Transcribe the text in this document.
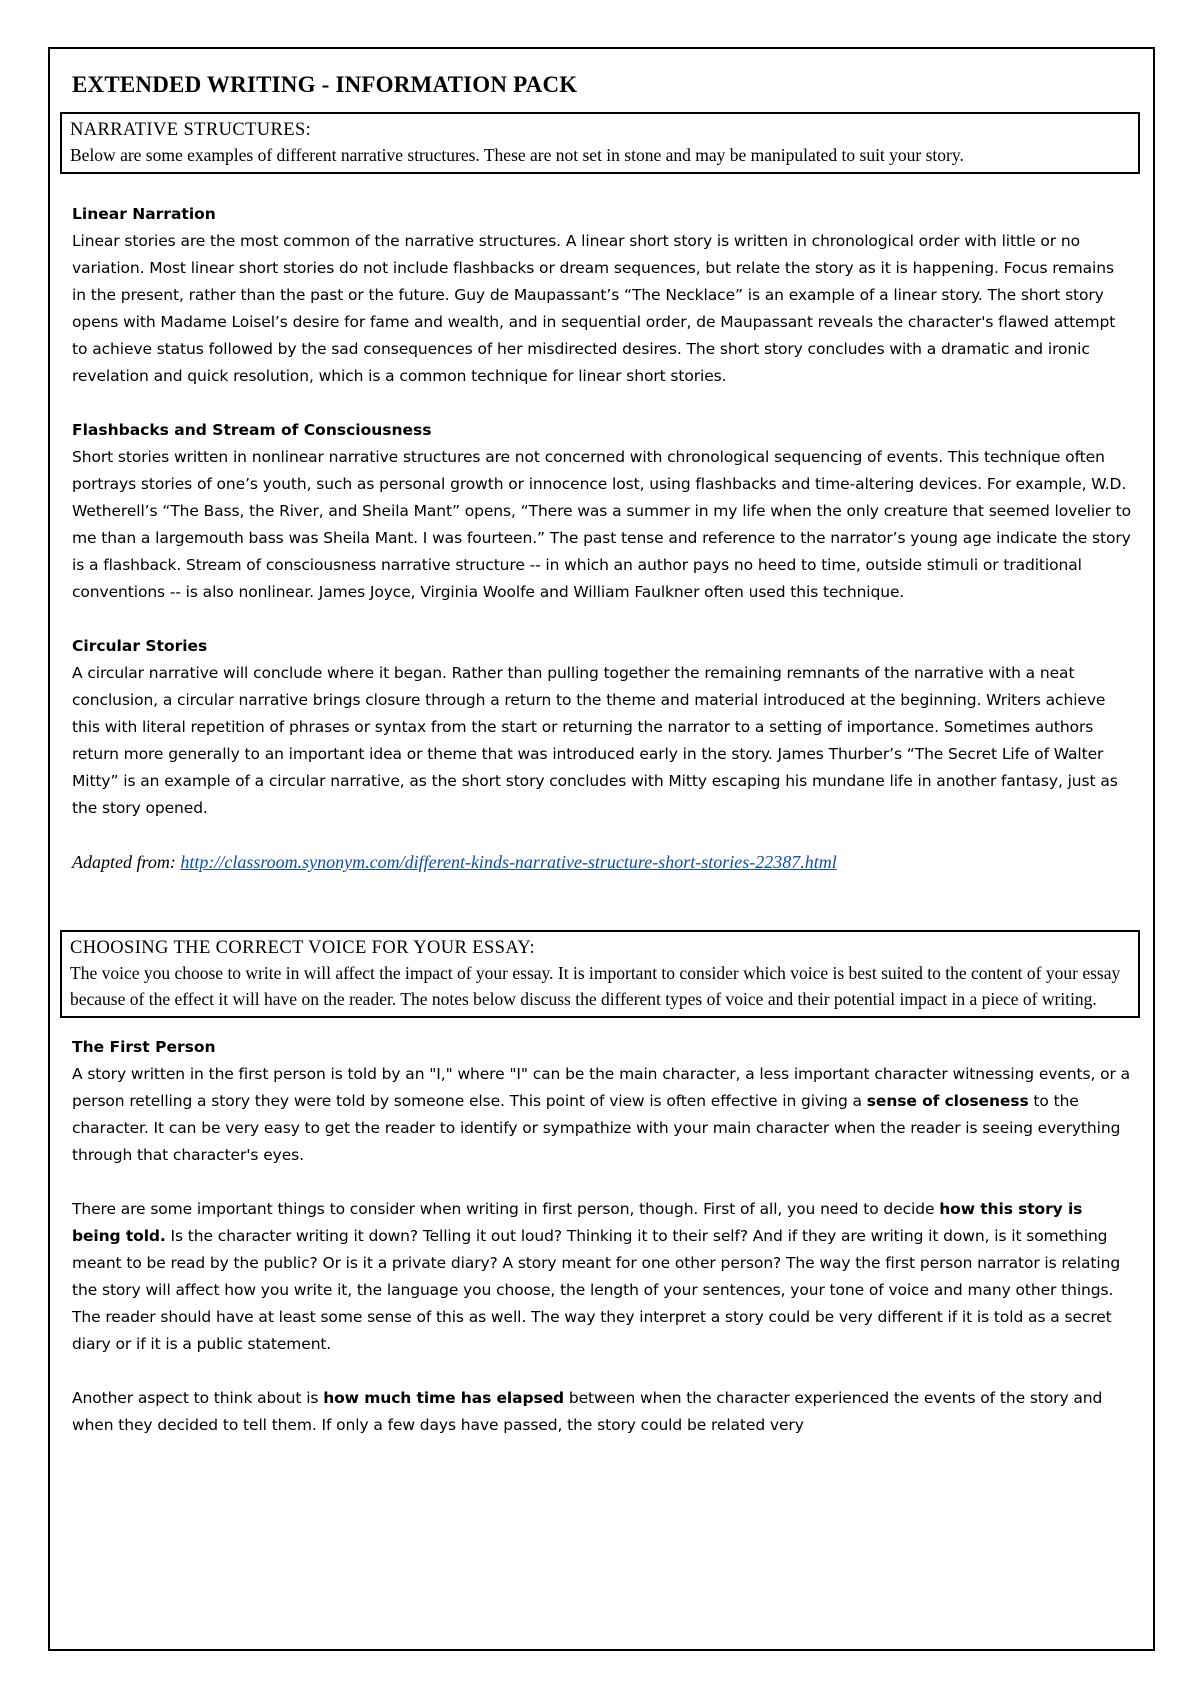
EXTENDED WRITING - INFORMATION PACK
NARRATIVE STRUCTURES:

Below are some examples of different narrative structures. These are not set in stone and may be manipulated to suit your story.

Linear Narration

Linear stories are the most common of the narrative structures. A linear short story is written in chronological order with little or no variation. Most linear short stories do not include flashbacks or dream sequences, but relate the story as it is happening. Focus remains in the present, rather than the past or the future. Guy de Maupassant’s “The Necklace” is an example of a linear story. The short story opens with Madame Loisel’s desire for fame and wealth, and in sequential order, de Maupassant reveals the character's flawed attempt to achieve status followed by the sad consequences of her misdirected desires. The short story concludes with a dramatic and ironic revelation and quick resolution, which is a common technique for linear short stories.

Flashbacks and Stream of Consciousness

Short stories written in nonlinear narrative structures are not concerned with chronological sequencing of events. This technique often portrays stories of one’s youth, such as personal growth or innocence lost, using flashbacks and time-altering devices. For example, W.D. Wetherell’s “The Bass, the River, and Sheila Mant” opens, “There was a summer in my life when the only creature that seemed lovelier to me than a largemouth bass was Sheila Mant. I was fourteen.” The past tense and reference to the narrator’s young age indicate the story is a flashback. Stream of consciousness narrative structure -- in which an author pays no heed to time, outside stimuli or traditional conventions -- is also nonlinear. James Joyce, Virginia Woolfe and William Faulkner often used this technique.

Circular Stories

A circular narrative will conclude where it began. Rather than pulling together the remaining remnants of the narrative with a neat conclusion, a circular narrative brings closure through a return to the theme and material introduced at the beginning. Writers achieve this with literal repetition of phrases or syntax from the start or returning the narrator to a setting of importance. Sometimes authors return more generally to an important idea or theme that was introduced early in the story. James Thurber’s “The Secret Life of Walter Mitty” is an example of a circular narrative, as the short story concludes with Mitty escaping his mundane life in another fantasy, just as the story opened.

Adapted from: http://classroom.synonym.com/different-kinds-narrative-structure-short-stories-22387.html

CHOOSING THE CORRECT VOICE FOR YOUR ESSAY:

The voice you choose to write in will affect the impact of your essay. It is important to consider which voice is best suited to the content of your essay because of the effect it will have on the reader. The notes below discuss the different types of voice and their potential impact in a piece of writing.

The First Person

A story written in the first person is told by an "I," where "I" can be the main character, a less important character witnessing events, or a person retelling a story they were told by someone else. This point of view is often effective in giving a sense of closeness to the character. It can be very easy to get the reader to identify or sympathize with your main character when the reader is seeing everything through that character's eyes.

There are some important things to consider when writing in first person, though. First of all, you need to decide how this story is being told. Is the character writing it down? Telling it out loud? Thinking it to their self? And if they are writing it down, is it something meant to be read by the public? Or is it a private diary? A story meant for one other person? The way the first person narrator is relating the story will affect how you write it, the language you choose, the length of your sentences, your tone of voice and many other things. The reader should have at least some sense of this as well. The way they interpret a story could be very different if it is told as a secret diary or if it is a public statement.

Another aspect to think about is how much time has elapsed between when the character experienced the events of the story and when they decided to tell them. If only a few days have passed, the story could be related very
